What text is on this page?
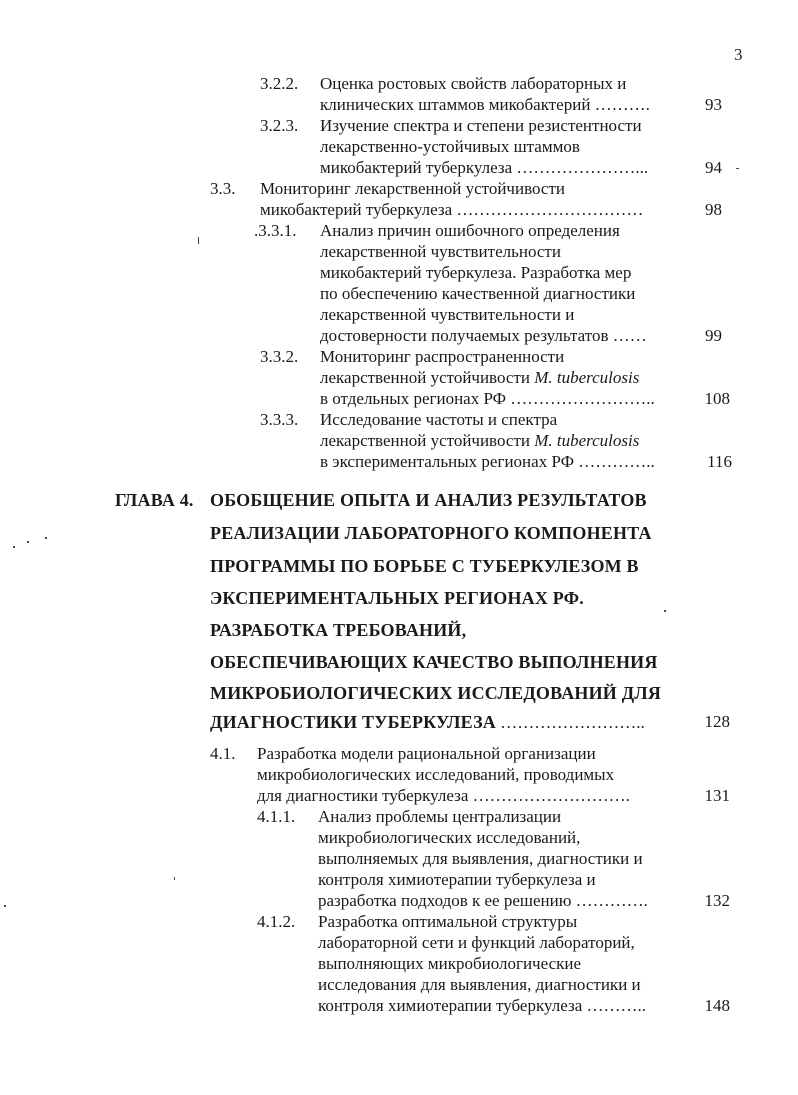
3
3.2.2. Оценка ростовых свойств лабораторных и
клинических штаммов микобактерий ……….	93
3.2.3. Изучение спектра и степени резистентности
лекарственно-устойчивых штаммов
микобактерий туберкулеза …………………...	94
3.3. Мониторинг лекарственной устойчивости
микобактерий туберкулеза ……………………………	98
.3.3.1. Анализ причин ошибочного определения
лекарственной чувствительности
микобактерий туберкулеза. Разработка мер
по обеспечению качественной диагностики
лекарственной чувствительности и
достоверности получаемых результатов ……	99
3.3.2. Мониторинг распространенности
лекарственной устойчивости M. tuberculosis
в отдельных регионах РФ ……………………..	108
3.3.3. Исследование частоты и спектра
лекарственной устойчивости M. tuberculosis
в экспериментальных регионах РФ …………..	116
ГЛАВА 4. ОБОБЩЕНИЕ ОПЫТА И АНАЛИЗ РЕЗУЛЬТАТОВ
РЕАЛИЗАЦИИ ЛАБОРАТОРНОГО КОМПОНЕНТА
ПРОГРАММЫ ПО БОРЬБЕ С ТУБЕРКУЛЕЗОМ В
ЭКСПЕРИМЕНТАЛЬНЫХ РЕГИОНАХ РФ.
РАЗРАБОТКА ТРЕБОВАНИЙ,
ОБЕСПЕЧИВАЮЩИХ КАЧЕСТВО ВЫПОЛНЕНИЯ
МИКРОБИОЛОГИЧЕСКИХ ИССЛЕДОВАНИЙ ДЛЯ
ДИАГНОСТИКИ ТУБЕРКУЛЕЗА ……………………..	128
4.1. Разработка модели рациональной организации
микробиологических исследований, проводимых
для диагностики туберкулеза ……………………….	131
4.1.1. Анализ проблемы централизации
микробиологических исследований,
выполняемых для выявления, диагностики и
контроля химиотерапии туберкулеза и
разработка подходов к ее решению ………….	132
4.1.2. Разработка оптимальной структуры
лабораторной сети и функций лабораторий,
выполняющих микробиологические
исследования для выявления, диагностики и
контроля химиотерапии туберкулеза ………..	148
